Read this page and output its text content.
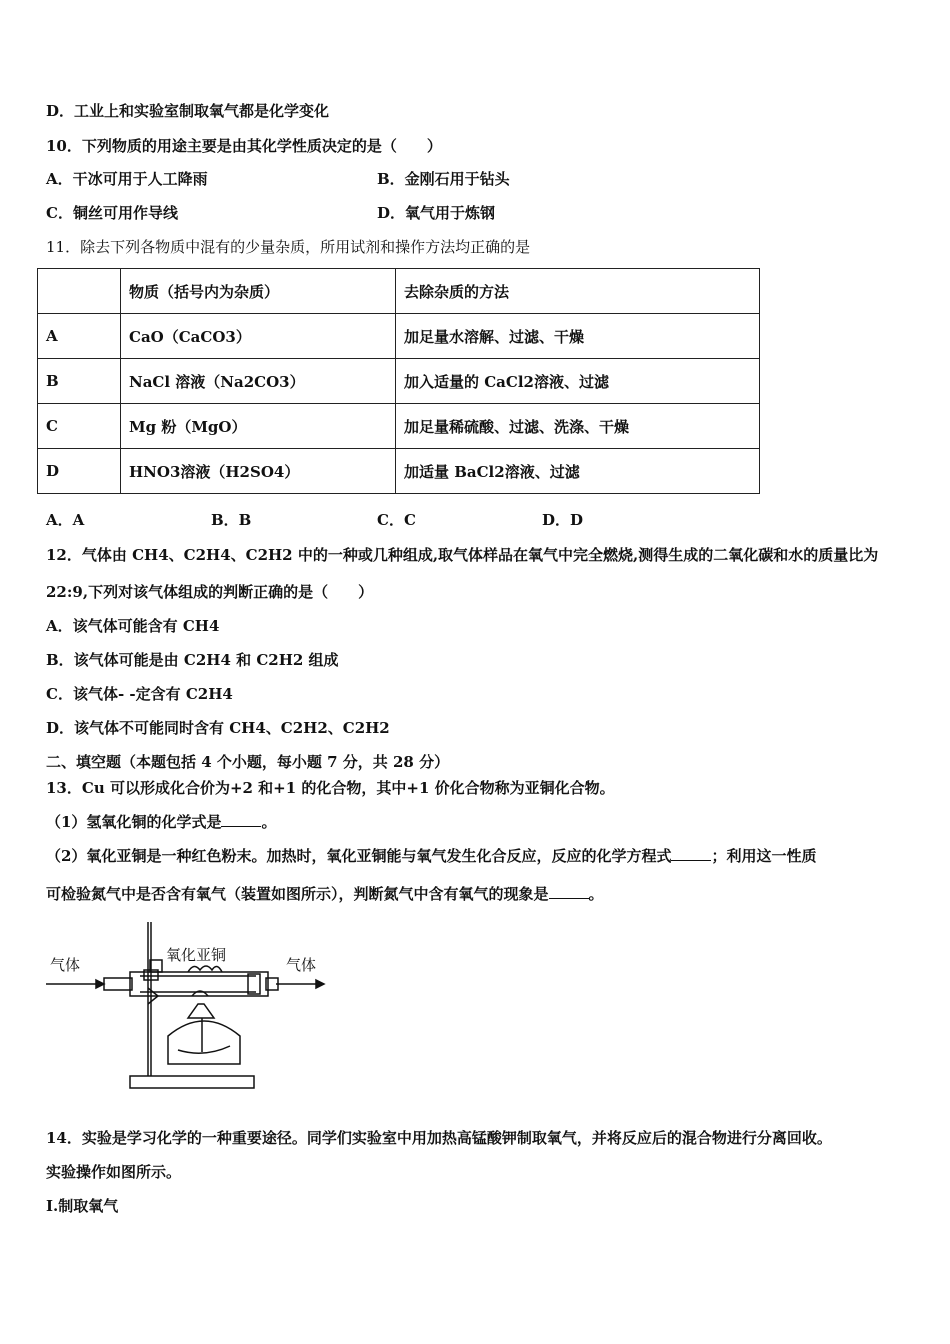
D．工业上和实验室制取氧气都是化学变化
10．下列物质的用途主要是由其化学性质决定的是（　　）
A．干冰可用于人工降雨	B．金刚石用于钻头
C．铜丝可用作导线	D．氧气用于炼钢
11．除去下列各物质中混有的少量杂质，所用试剂和操作方法均正确的是
	物质（括号内为杂质）	去除杂质的方法
A	CaO（CaCO3）	加足量水溶解、过滤、干燥
B	NaCl 溶液（Na2CO3）	加入适量的 CaCl2溶液、过滤
C	Mg 粉（MgO）	加足量稀硫酸、过滤、洗涤、干燥
D	HNO3溶液（H2SO4）	加适量 BaCl2溶液、过滤
A．A	B．B	C．C	D．D
12．气体由 CH4、C2H4、C2H2 中的一种或几种组成,取气体样品在氧气中完全燃烧,测得生成的二氧化碳和水的质量比为
22:9,下列对该气体组成的判断正确的是（　　）
A．该气体可能含有 CH4
B．该气体可能是由 C2H4 和 C2H2 组成
C．该气体- -定含有 C2H4
D．该气体不可能同时含有 CH4、C2H2、C2H2
二、填空题（本题包括 4 个小题，每小题 7 分，共 28 分）
13．Cu 可以形成化合价为+2 和+1 的化合物，其中+1 价化合物称为亚铜化合物。
（1）氢氧化铜的化学式是	。
（2）氧化亚铜是一种红色粉末。加热时，氧化亚铜能与氧气发生化合反应，反应的化学方程式	；利用这一性质
可检验氮气中是否含有氧气（装置如图所示），判断氮气中含有氧气的现象是	。
气体
氧化亚铜
气体
14．实验是学习化学的一种重要途径。同学们实验室中用加热高锰酸钾制取氧气，并将反应后的混合物进行分离回收。
实验操作如图所示。
Ⅰ.制取氧气
